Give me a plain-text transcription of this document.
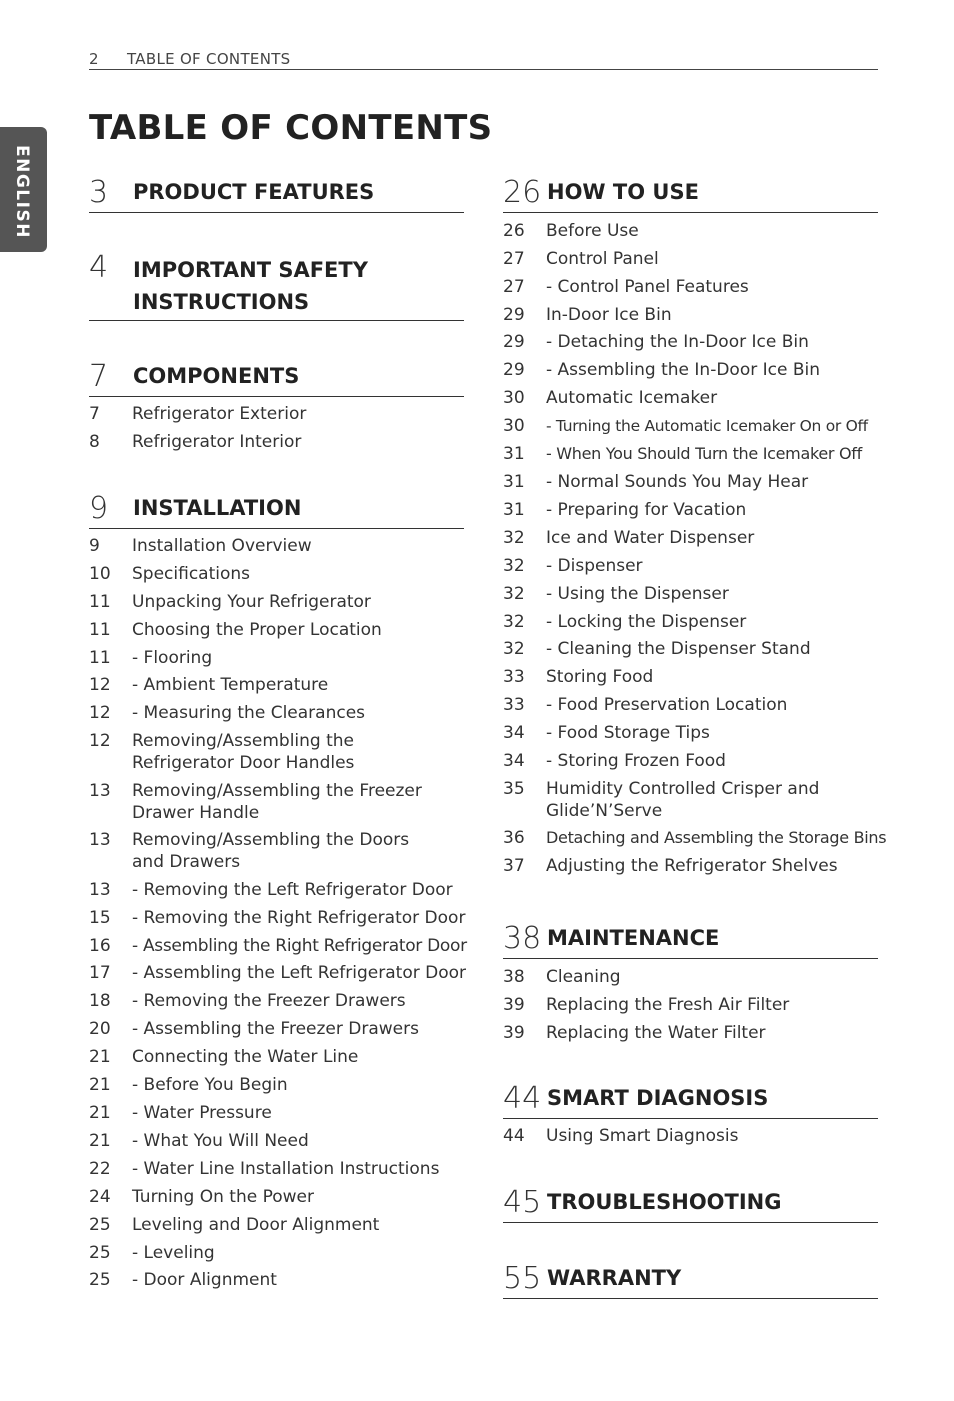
2 TABLE OF CONTENTS
ENGLISH
TABLE OF CONTENTS
3 PRODUCT FEATURES
4 IMPORTANT SAFETY
INSTRUCTIONS
7 COMPONENTS
7 Refrigerator Exterior
8 Refrigerator Interior
9 INSTALLATION
9 Installation Overview
10 Specifications
11 Unpacking Your Refrigerator
11 Choosing the Proper Location
11 - Flooring
12 - Ambient Temperature
12 - Measuring the Clearances
12 Removing/Assembling the Refrigerator Door Handles
13 Removing/Assembling the Freezer Drawer Handle
13 Removing/Assembling the Doors and Drawers
13 - Removing the Left Refrigerator Door
15 - Removing the Right Refrigerator Door
16 - Assembling the Right Refrigerator Door
17 - Assembling the Left Refrigerator Door
18 - Removing the Freezer Drawers
20 - Assembling the Freezer Drawers
21 Connecting the Water Line
21 - Before You Begin
21 - Water Pressure
21 - What You Will Need
22 - Water Line Installation Instructions
24 Turning On the Power
25 Leveling and Door Alignment
25 - Leveling
25 - Door Alignment
26 HOW TO USE
26 Before Use
27 Control Panel
27 - Control Panel Features
29 In-Door Ice Bin
29 - Detaching the In-Door Ice Bin
29 - Assembling the In-Door Ice Bin
30 Automatic Icemaker
30 - Turning the Automatic Icemaker On or Off
31 - When You Should Turn the Icemaker Off
31 - Normal Sounds You May Hear
31 - Preparing for Vacation
32 Ice and Water Dispenser
32 - Dispenser
32 - Using the Dispenser
32 - Locking the Dispenser
32 - Cleaning the Dispenser Stand
33 Storing Food
33 - Food Preservation Location
34 - Food Storage Tips
34 - Storing Frozen Food
35 Humidity Controlled Crisper and Glide’N’Serve
36 Detaching and Assembling the Storage Bins
37 Adjusting the Refrigerator Shelves
38 MAINTENANCE
38 Cleaning
39 Replacing the Fresh Air Filter
39 Replacing the Water Filter
44 SMART DIAGNOSIS
44 Using Smart Diagnosis
45 TROUBLESHOOTING
55 WARRANTY
